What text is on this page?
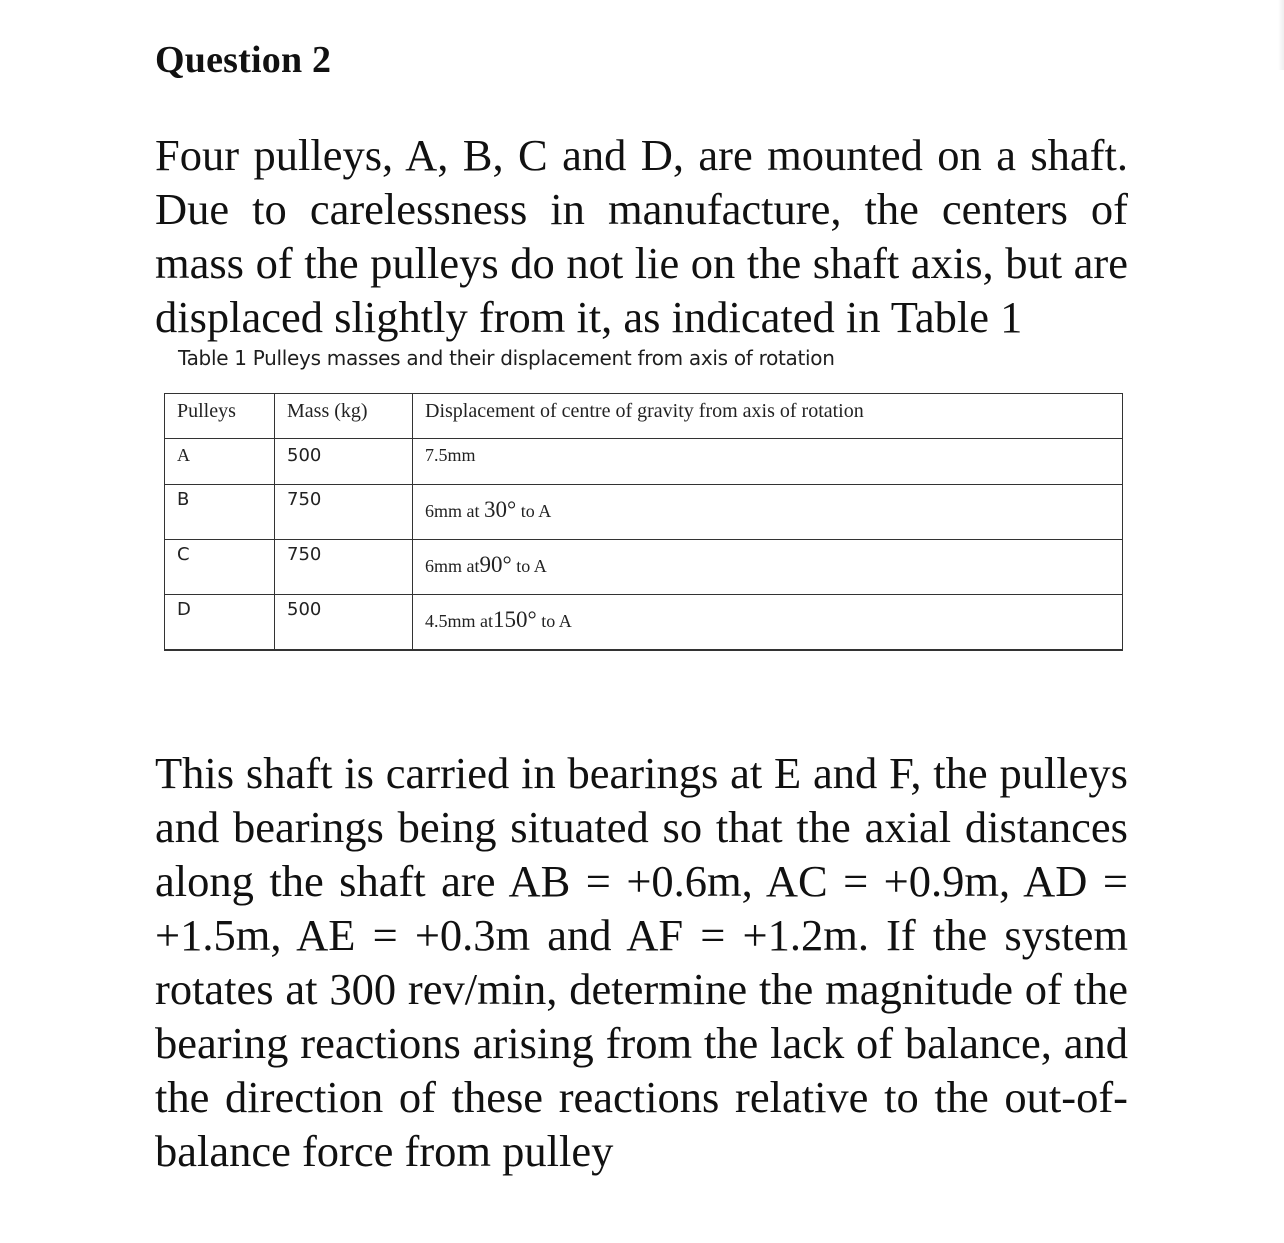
Question 2

Four pulleys, A, B, C and D, are mounted on a shaft. Due to carelessness in manufacture, the centers of mass of the pulleys do not lie on the shaft axis, but are displaced slightly from it, as indicated in Table 1

Table 1 Pulleys masses and their displacement from axis of rotation

Pulleys	Mass (kg)	Displacement of centre of gravity from axis of rotation
A	500	7.5mm
B	750	6mm at 30° to A
C	750	6mm at90° to A
D	500	4.5mm at150° to A

This shaft is carried in bearings at E and F, the pulleys and bearings being situated so that the axial distances along the shaft are AB = +0.6m, AC = +0.9m, AD = +1.5m, AE = +0.3m and AF = +1.2m. If the system rotates at 300 rev/min, determine the magnitude of the bearing reactions arising from the lack of balance, and the direction of these reactions relative to the out-of-balance force from pulley
